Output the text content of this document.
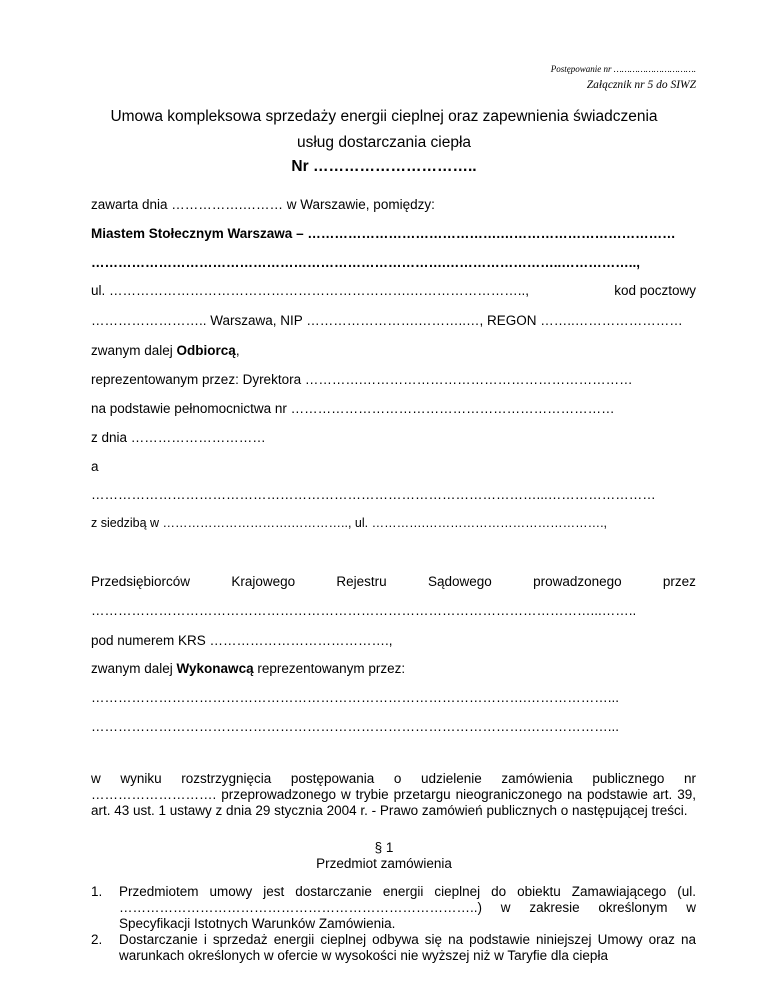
Postępowanie nr ………………………….
Załącznik nr 5 do SIWZ
Umowa kompleksowa sprzedaży energii cieplnej oraz zapewnienia świadczenia
usług dostarczania ciepła
Nr …………………………..
zawarta dnia …………….……… w Warszawie, pomiędzy:
Miastem Stołecznym Warszawa – …………………………………….…………………………………
…………………………………………………………………….……………………..……………..,
ul. ………………………………………………………….……………………..,	kod pocztowy
…………………….. Warszawa, NIP …………………….………..…, REGON ……..……………………
zwanym dalej Odbiorcą,
reprezentowanym przez: Dyrektora ………….……………………………………………………
na podstawie pełnomocnictwa nr ………………………………………………………………
z dnia …………………………
a
………………………………………………………………………………………...……………………
z siedzibą w ………………………….………….., ul. ………….…………………………………….,
Przedsiębiorców	Krajowego	Rejestru	Sądowego	prowadzonego	przez
…………………………………………………………………………………………………...……..
pod numerem KRS ………………………………….,
zwanym dalej Wykonawcą reprezentowanym przez:
…………………………………………………………………………………….………………...
…………………………………………………………………………………….………………...
w wyniku rozstrzygnięcia postępowania o udzielenie zamówienia publicznego nr ………………………. przeprowadzonego w trybie przetargu nieograniczonego na podstawie art. 39, art. 43 ust. 1 ustawy z dnia 29 stycznia 2004 r. - Prawo zamówień publicznych o następującej treści.
§ 1
Przedmiot zamówienia
1. Przedmiotem umowy jest dostarczanie energii cieplnej do obiektu Zamawiającego (ul. ……………………………………………………………………..) w zakresie określonym w Specyfikacji Istotnych Warunków Zamówienia.
2. Dostarczanie i sprzedaż energii cieplnej odbywa się na podstawie niniejszej Umowy oraz na warunkach określonych w ofercie w wysokości nie wyższej niż w Taryfie dla ciepła
